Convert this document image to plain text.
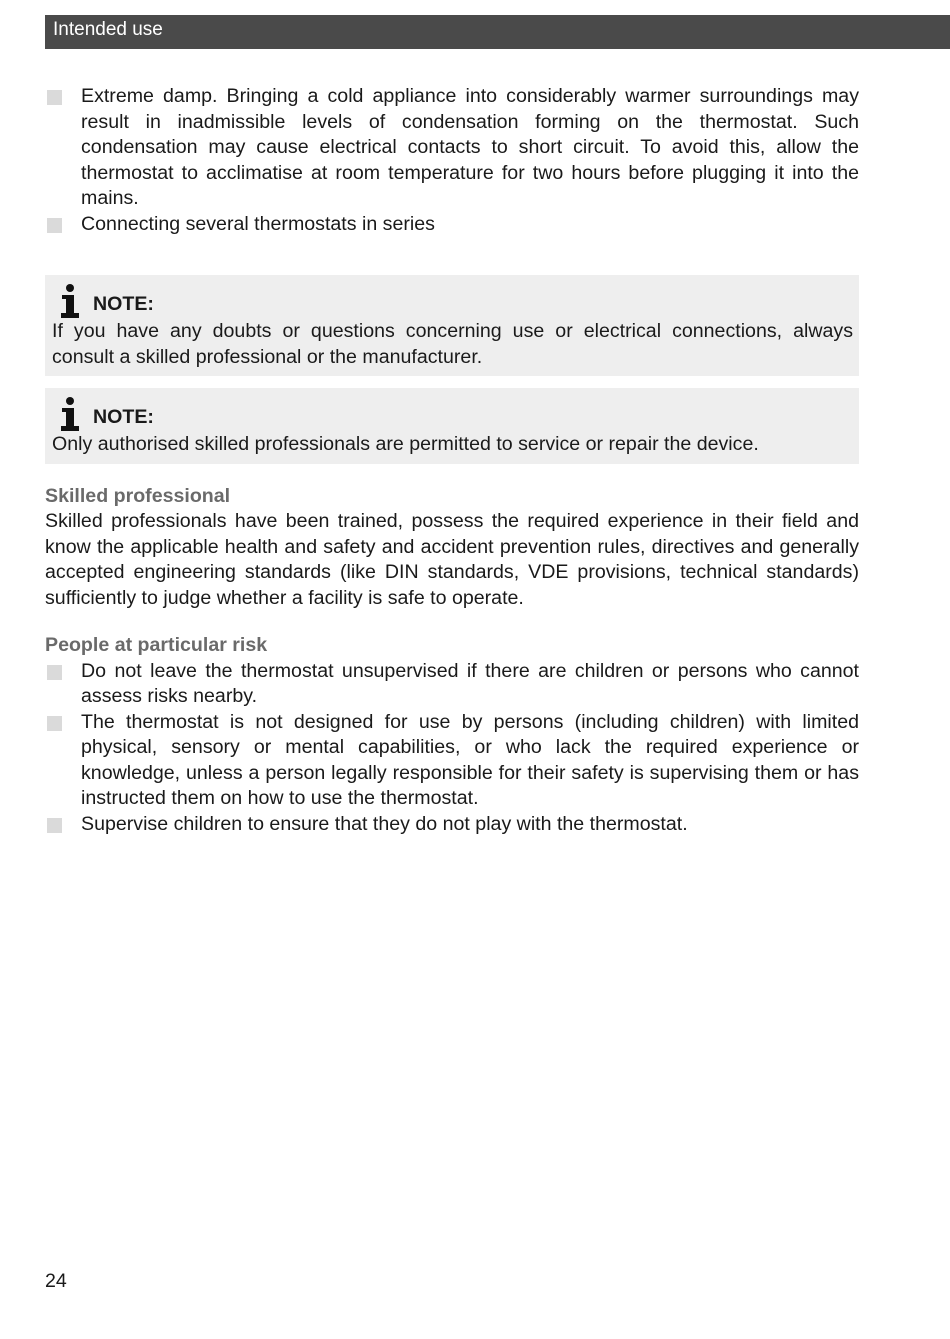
Intended use
Extreme damp. Bringing a cold appliance into considerably warmer surroundings may result in inadmissible levels of condensation forming on the thermostat. Such condensation may cause electrical contacts to short circuit. To avoid this, allow the thermostat to acclimatise at room temperature for two hours before plugging it into the mains.
Connecting several thermostats in series
NOTE:
If you have any doubts or questions concerning use or electrical connections, always consult a skilled professional or the manufacturer.
NOTE:
Only authorised skilled professionals are permitted to service or repair the device.
Skilled professional
Skilled professionals have been trained, possess the required experience in their field and know the applicable health and safety and accident prevention rules, directives and generally accepted engineering standards (like DIN standards, VDE provisions, technical standards) sufficiently to judge whether a facility is safe to operate.
People at particular risk
Do not leave the thermostat unsupervised if there are children or persons who cannot assess risks nearby.
The thermostat is not designed for use by persons (including children) with limited physical, sensory or mental capabilities, or who lack the required experience or knowledge, unless a person legally responsible for their safety is supervising them or has instructed them on how to use the thermostat.
Supervise children to ensure that they do not play with the thermostat.
24
